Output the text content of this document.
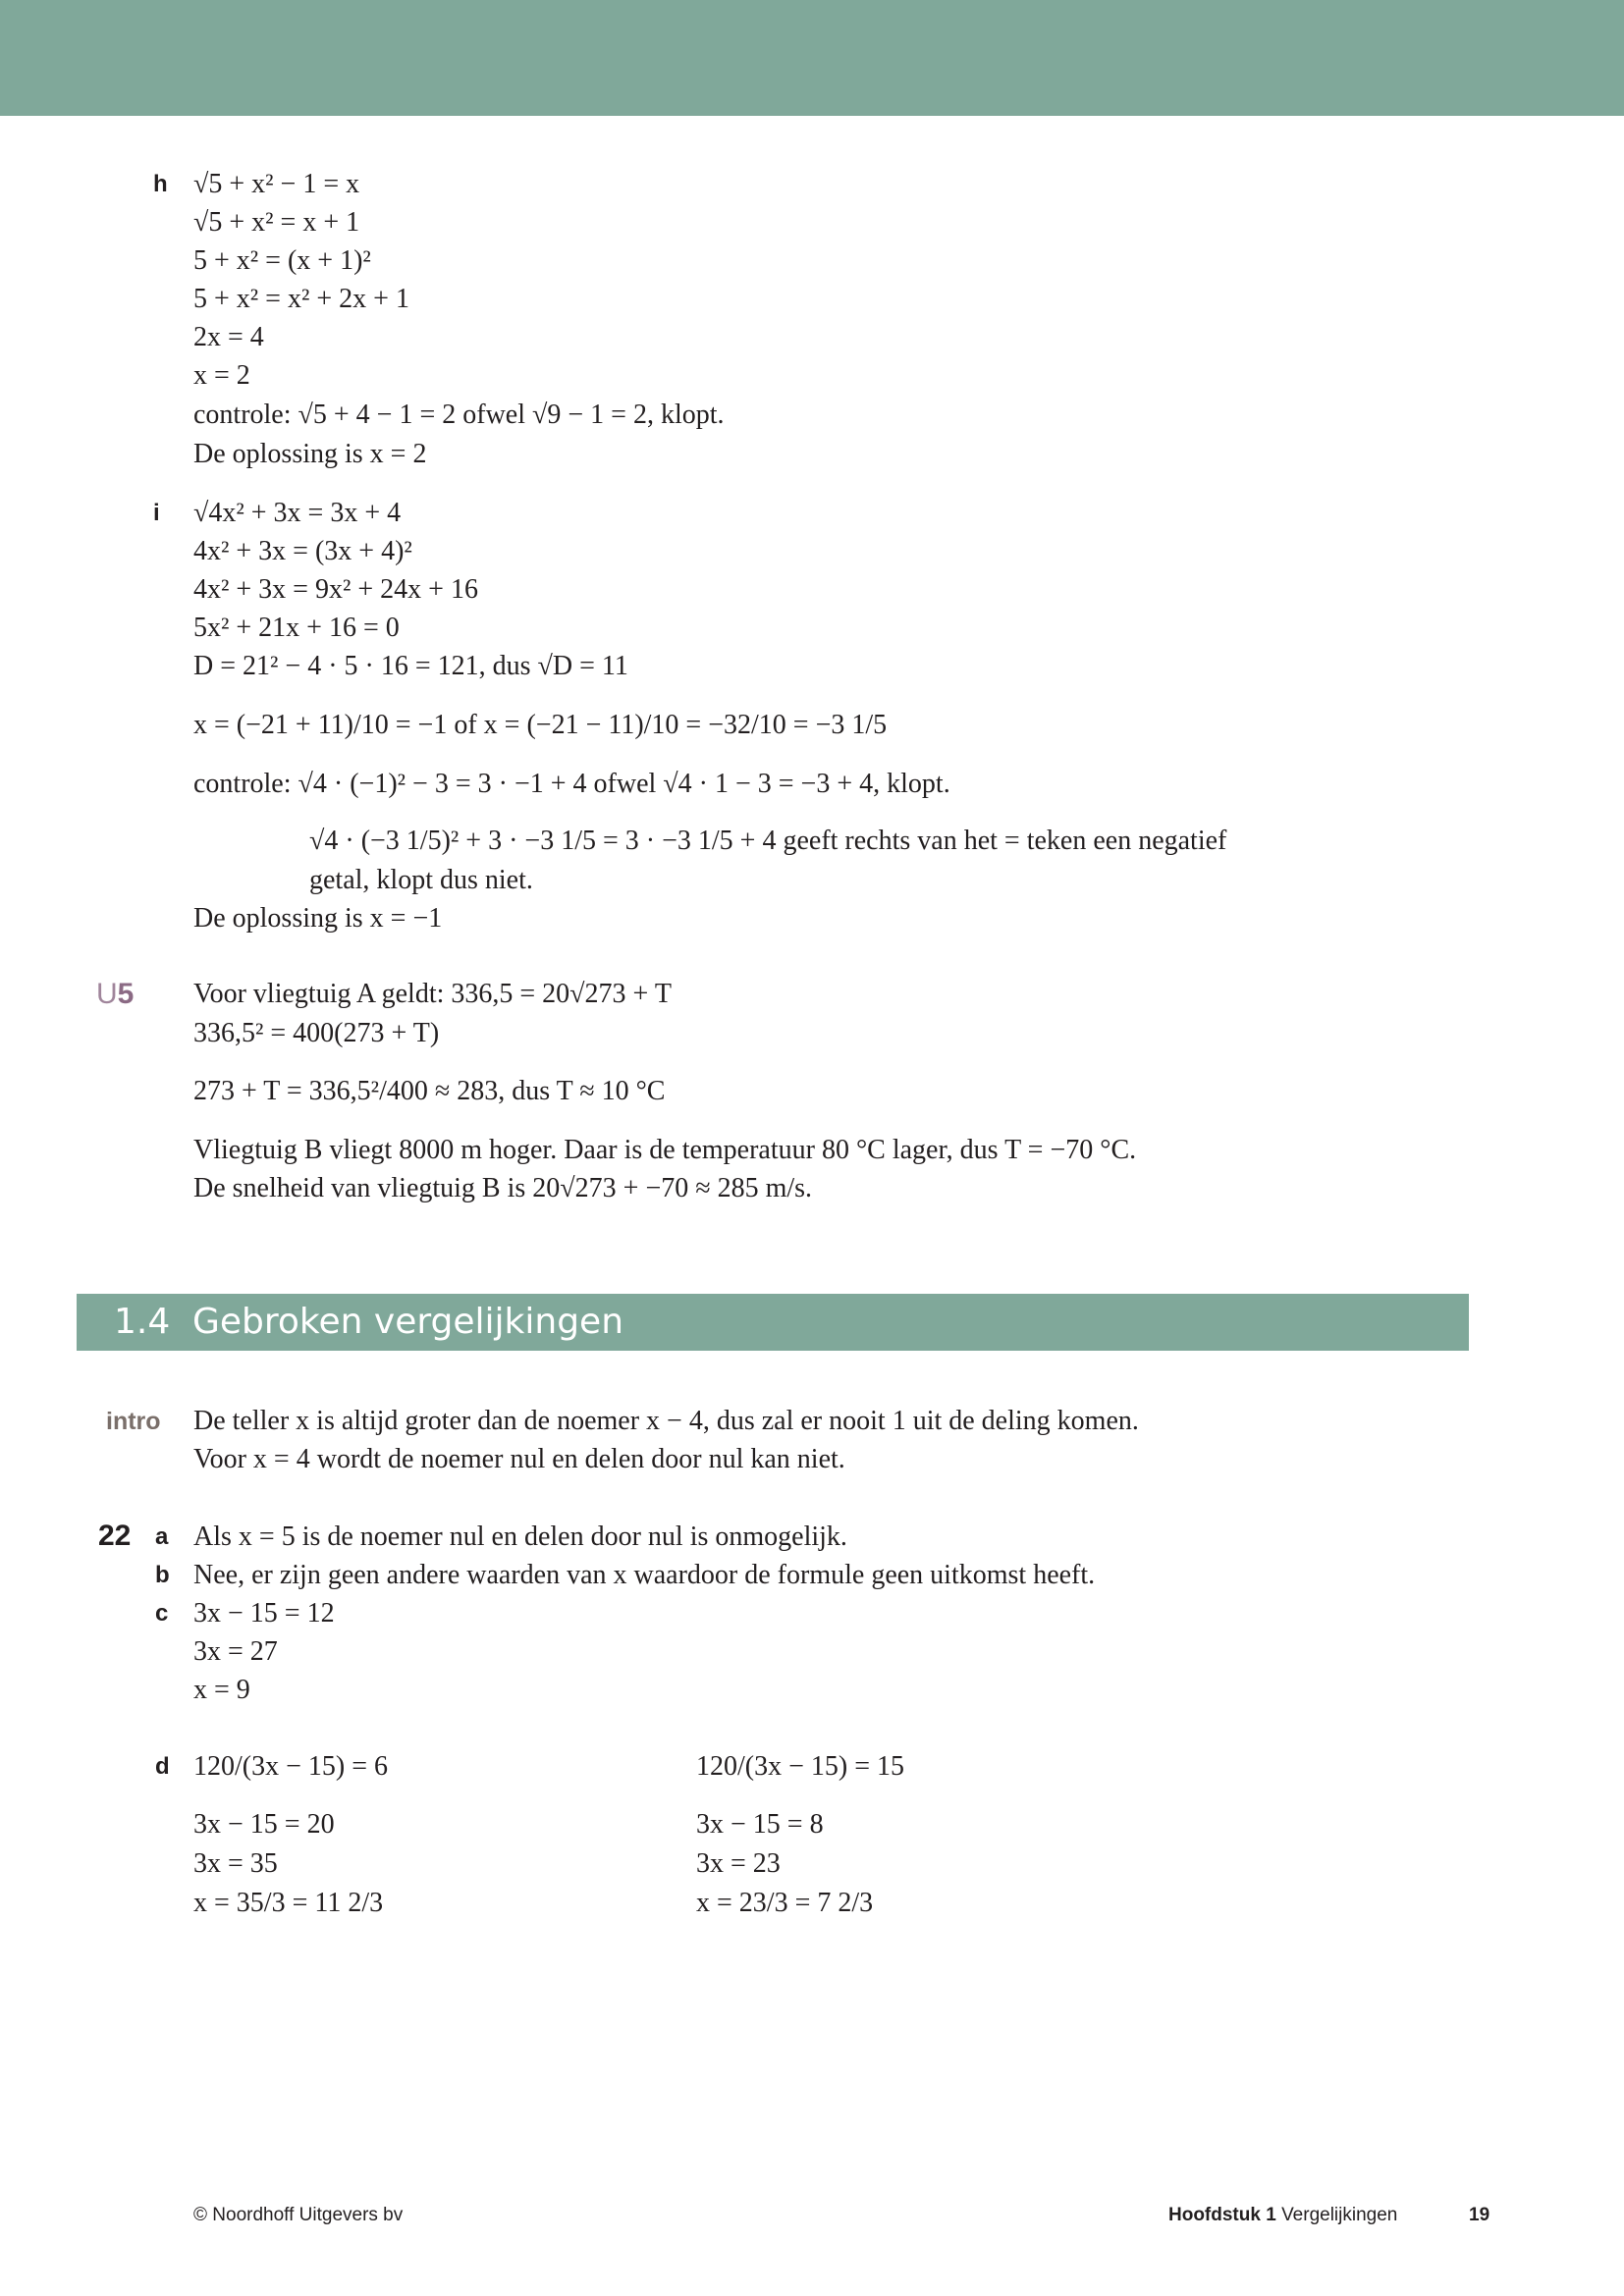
h √5 + x² − 1 = x
√5 + x² = x + 1
5 + x² = (x + 1)²
5 + x² = x² + 2x + 1
2x = 4
x = 2
controle: √5 + 4 − 1 = 2 ofwel √9 − 1 = 2, klopt.
De oplossing is x = 2
i √4x² + 3x = 3x + 4
4x² + 3x = (3x + 4)²
4x² + 3x = 9x² + 24x + 16
5x² + 21x + 16 = 0
D = 21² − 4 · 5 · 16 = 121, dus √D = 11
x = (−21 + 11)/10 = −1 of x = (−21 − 11)/10 = −32/10 = −3 1/5
controle: √4 · (−1)² − 3 = 3 · −1 + 4 ofwel √4 · 1 − 3 = −3 + 4, klopt.
√4 · (−3 1/5)² + 3 · −3 1/5 = 3 · −3 1/5 + 4 geeft rechts van het = teken een negatief
getal, klopt dus niet.
De oplossing is x = −1
U5 Voor vliegtuig A geldt: 336,5 = 20√273 + T
336,5² = 400(273 + T)
273 + T = 336,5²/400 ≈ 283, dus T ≈ 10 °C
Vliegtuig B vliegt 8000 m hoger. Daar is de temperatuur 80 °C lager, dus T = −70 °C.
De snelheid van vliegtuig B is 20√273 + −70 ≈ 285 m/s.
1.4 Gebroken vergelijkingen
intro De teller x is altijd groter dan de noemer x − 4, dus zal er nooit 1 uit de deling komen.
Voor x = 4 wordt de noemer nul en delen door nul kan niet.
22 a Als x = 5 is de noemer nul en delen door nul is onmogelijk.
b Nee, er zijn geen andere waarden van x waardoor de formule geen uitkomst heeft.
c 3x − 15 = 12
3x = 27
x = 9
d 120/(3x − 15) = 6
3x − 15 = 20
3x = 35
x = 35/3 = 11 2/3
120/(3x − 15) = 15
3x − 15 = 8
3x = 23
x = 23/3 = 7 2/3
© Noordhoff Uitgevers bv	Hoofdstuk 1 Vergelijkingen	19
